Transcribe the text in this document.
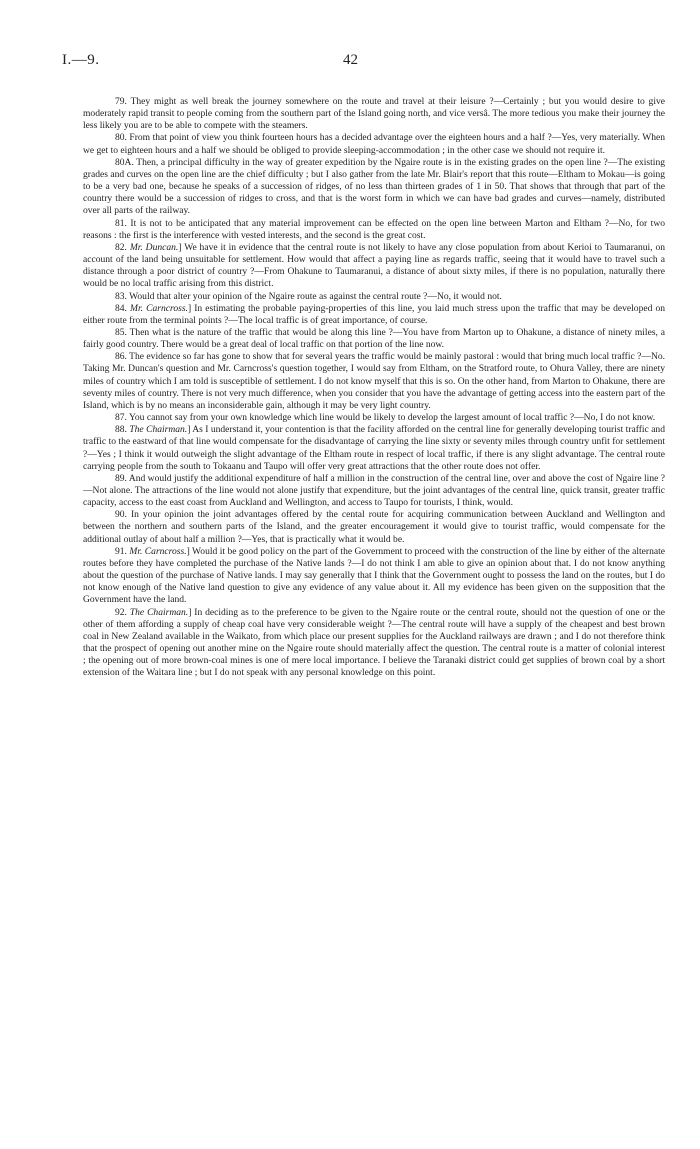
I.—9.	42

79. They might as well break the journey somewhere on the route and travel at their leisure ?—Certainly ; but you would desire to give moderately rapid transit to people coming from the southern part of the Island going north, and vice versâ. The more tedious you make their journey the less likely you are to be able to compete with the steamers.

80. From that point of view you think fourteen hours has a decided advantage over the eighteen hours and a half ?—Yes, very materially. When we get to eighteen hours and a half we should be obliged to provide sleeping-accommodation ; in the other case we should not require it.

80A. Then, a principal difficulty in the way of greater expedition by the Ngaire route is in the existing grades on the open line ?—The existing grades and curves on the open line are the chief difficulty ; but I also gather from the late Mr. Blair's report that this route—Eltham to Mokau—is going to be a very bad one, because he speaks of a succession of ridges, of no less than thirteen grades of 1 in 50. That shows that through that part of the country there would be a succession of ridges to cross, and that is the worst form in which we can have bad grades and curves—namely, distributed over all parts of the railway.

81. It is not to be anticipated that any material improvement can be effected on the open line between Marton and Eltham ?—No, for two reasons : the first is the interference with vested interests, and the second is the great cost.

82. Mr. Duncan.] We have it in evidence that the central route is not likely to have any close population from about Kerioi to Taumaranui, on account of the land being unsuitable for settlement. How would that affect a paying line as regards traffic, seeing that it would have to travel such a distance through a poor district of country ?—From Ohakune to Taumaranui, a distance of about sixty miles, if there is no population, naturally there would be no local traffic arising from this district.

83. Would that alter your opinion of the Ngaire route as against the central route ?—No, it would not.

84. Mr. Carncross.] In estimating the probable paying-properties of this line, you laid much stress upon the traffic that may be developed on either route from the terminal points ?—The local traffic is of great importance, of course.

85. Then what is the nature of the traffic that would be along this line ?—You have from Marton up to Ohakune, a distance of ninety miles, a fairly good country. There would be a great deal of local traffic on that portion of the line now.

86. The evidence so far has gone to show that for several years the traffic would be mainly pastoral : would that bring much local traffic ?—No. Taking Mr. Duncan's question and Mr. Carncross's question together, I would say from Eltham, on the Stratford route, to Ohura Valley, there are ninety miles of country which I am told is susceptible of settlement. I do not know myself that this is so. On the other hand, from Marton to Ohakune, there are seventy miles of country. There is not very much difference, when you consider that you have the advantage of getting access into the eastern part of the Island, which is by no means an inconsiderable gain, although it may be very light country.

87. You cannot say from your own knowledge which line would be likely to develop the largest amount of local traffic ?—No, I do not know.

88. The Chairman.] As I understand it, your contention is that the facility afforded on the central line for generally developing tourist traffic and traffic to the eastward of that line would compensate for the disadvantage of carrying the line sixty or seventy miles through country unfit for settlement ?—Yes ; I think it would outweigh the slight advantage of the Eltham route in respect of local traffic, if there is any slight advantage. The central route carrying people from the south to Tokaanu and Taupo will offer very great attractions that the other route does not offer.

89. And would justify the additional expenditure of half a million in the construction of the central line, over and above the cost of Ngaire line ?—Not alone. The attractions of the line would not alone justify that expenditure, but the joint advantages of the central line, quick transit, greater traffic capacity, access to the east coast from Auckland and Wellington, and access to Taupo for tourists, I think, would.

90. In your opinion the joint advantages offered by the cental route for acquiring communication between Auckland and Wellington and between the northern and southern parts of the Island, and the greater encouragement it would give to tourist traffic, would compensate for the additional outlay of about half a million ?—Yes, that is practically what it would be.

91. Mr. Carncross.] Would it be good policy on the part of the Government to proceed with the construction of the line by either of the alternate routes before they have completed the purchase of the Native lands ?—I do not think I am able to give an opinion about that. I do not know anything about the question of the purchase of Native lands. I may say generally that I think that the Government ought to possess the land on the routes, but I do not know enough of the Native land question to give any evidence of any value about it. All my evidence has been given on the supposition that the Government have the land.

92. The Chairman.] In deciding as to the preference to be given to the Ngaire route or the central route, should not the question of one or the other of them affording a supply of cheap coal have very considerable weight ?—The central route will have a supply of the cheapest and best brown coal in New Zealand available in the Waikato, from which place our present supplies for the Auckland railways are drawn ; and I do not therefore think that the prospect of opening out another mine on the Ngaire route should materially affect the question. The central route is a matter of colonial interest ; the opening out of more brown-coal mines is one of mere local importance. I believe the Taranaki district could get supplies of brown coal by a short extension of the Waitara line ; but I do not speak with any personal knowledge on this point.
